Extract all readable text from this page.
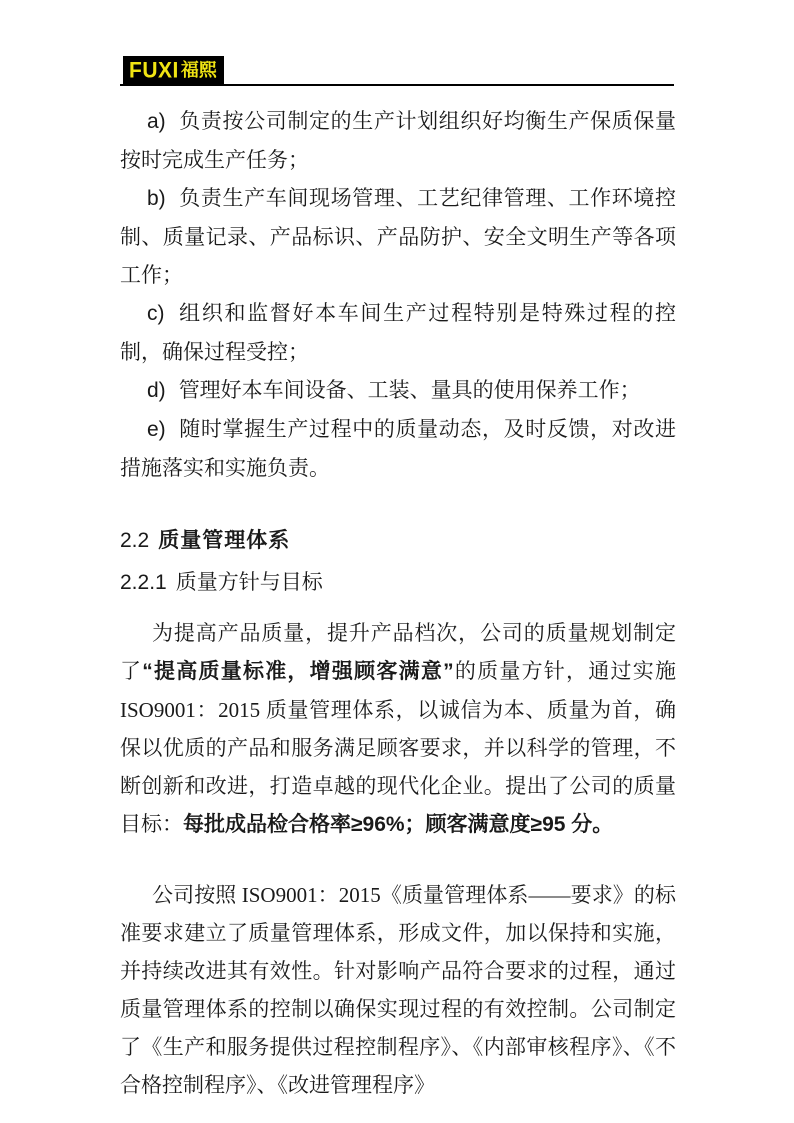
FUXI 福熙

a) 负责按公司制定的生产计划组织好均衡生产保质保量按时完成生产任务；

b) 负责生产车间现场管理、工艺纪律管理、工作环境控制、质量记录、产品标识、产品防护、安全文明生产等各项工作；

c) 组织和监督好本车间生产过程特别是特殊过程的控制，确保过程受控；

d) 管理好本车间设备、工装、量具的使用保养工作；

e) 随时掌握生产过程中的质量动态，及时反馈，对改进措施落实和实施负责。

2.2 质量管理体系
2.2.1 质量方针与目标

为提高产品质量，提升产品档次，公司的质量规划制定了“提高质量标准，增强顾客满意”的质量方针，通过实施 ISO9001：2015 质量管理体系，以诚信为本、质量为首，确保以优质的产品和服务满足顾客要求，并以科学的管理，不断创新和改进，打造卓越的现代化企业。提出了公司的质量目标：每批成品检合格率≥96%；顾客满意度≥95 分。

公司按照 ISO9001：2015《质量管理体系——要求》的标准要求建立了质量管理体系，形成文件，加以保持和实施，并持续改进其有效性。针对影响产品符合要求的过程，通过质量管理体系的控制以确保实现过程的有效控制。公司制定了《生产和服务提供过程控制程序》、《内部审核程序》、《不合格控制程序》、《改进管理程序》
